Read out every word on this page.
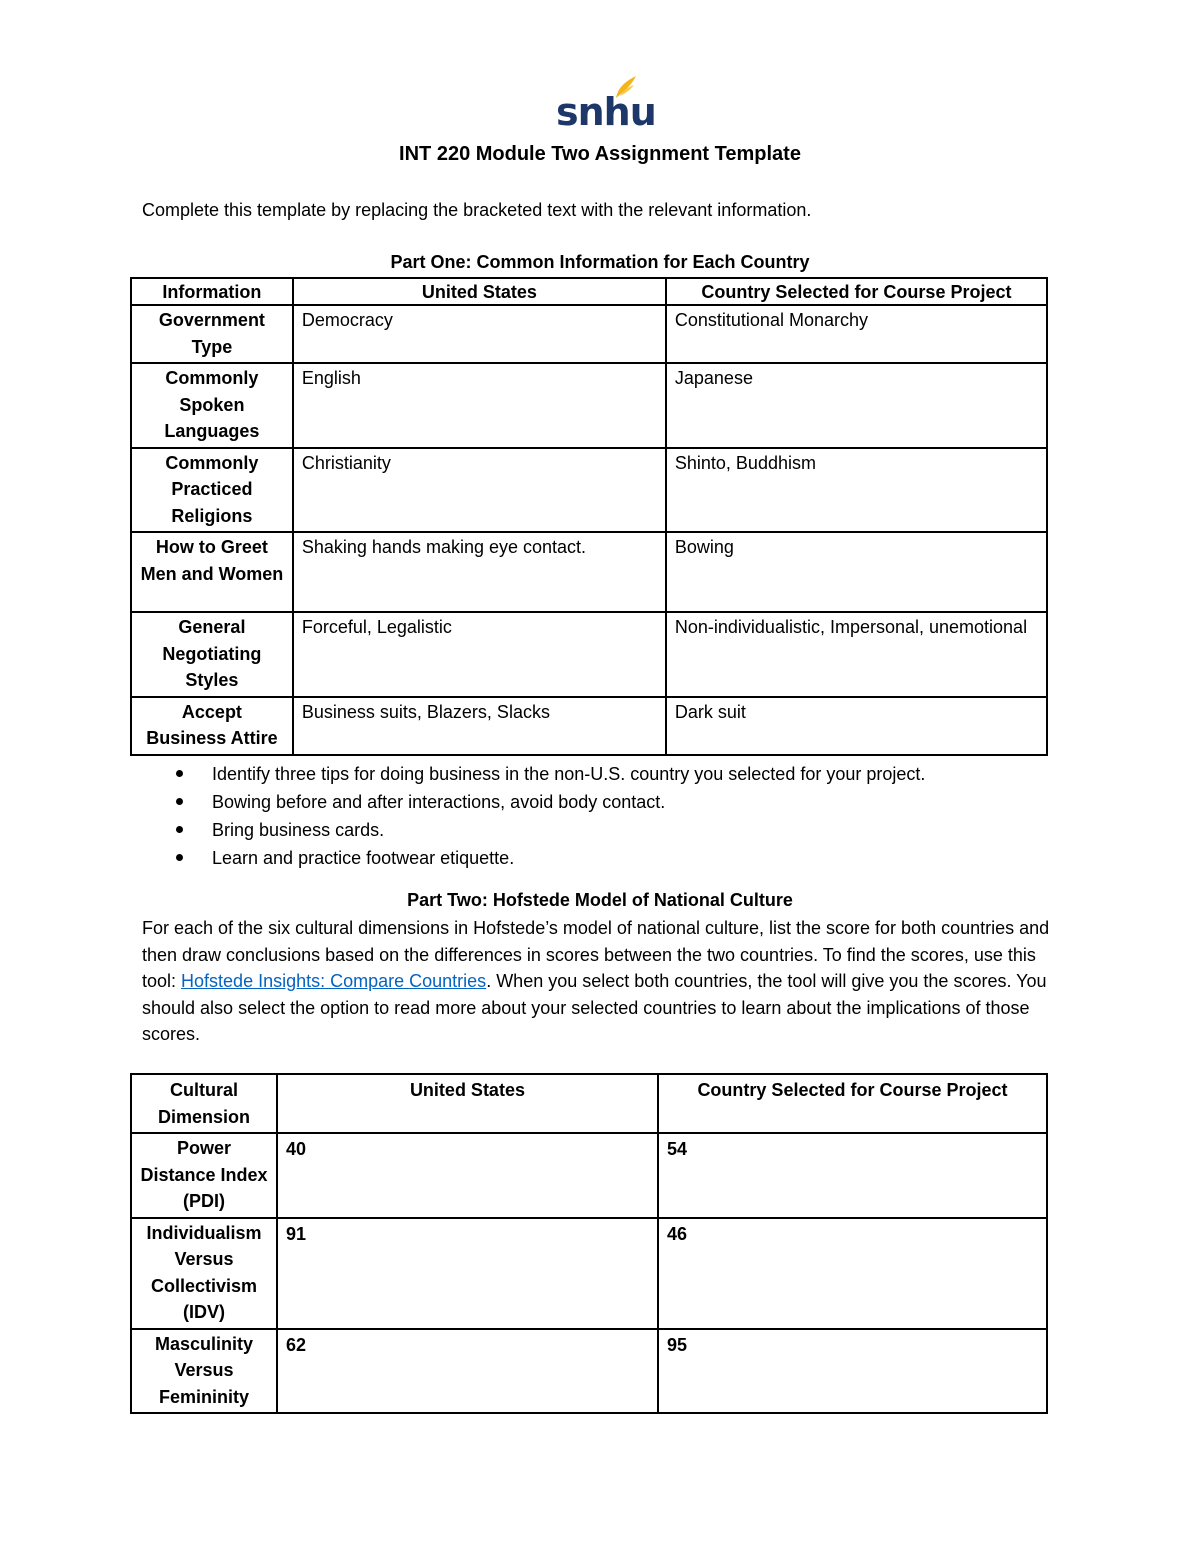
snhu
INT 220 Module Two Assignment Template
Complete this template by replacing the bracketed text with the relevant information.
Part One: Common Information for Each Country
Information	United States	Country Selected for Course Project
Government Type	Democracy	Constitutional Monarchy
Commonly Spoken Languages	English	Japanese
Commonly Practiced Religions	Christianity	Shinto, Buddhism
How to Greet Men and Women	Shaking hands making eye contact.	Bowing
General Negotiating Styles	Forceful, Legalistic	Non-individualistic, Impersonal, unemotional
Accept Business Attire	Business suits, Blazers, Slacks	Dark suit
Identify three tips for doing business in the non-U.S. country you selected for your project.
Bowing before and after interactions, avoid body contact.
Bring business cards.
Learn and practice footwear etiquette.
Part Two: Hofstede Model of National Culture
For each of the six cultural dimensions in Hofstede’s model of national culture, list the score for both countries and then draw conclusions based on the differences in scores between the two countries. To find the scores, use this tool: Hofstede Insights: Compare Countries. When you select both countries, the tool will give you the scores. You should also select the option to read more about your selected countries to learn about the implications of those scores.
Cultural Dimension	United States	Country Selected for Course Project
Power Distance Index (PDI)	40	54
Individualism Versus Collectivism (IDV)	91	46
Masculinity Versus Femininity	62	95
